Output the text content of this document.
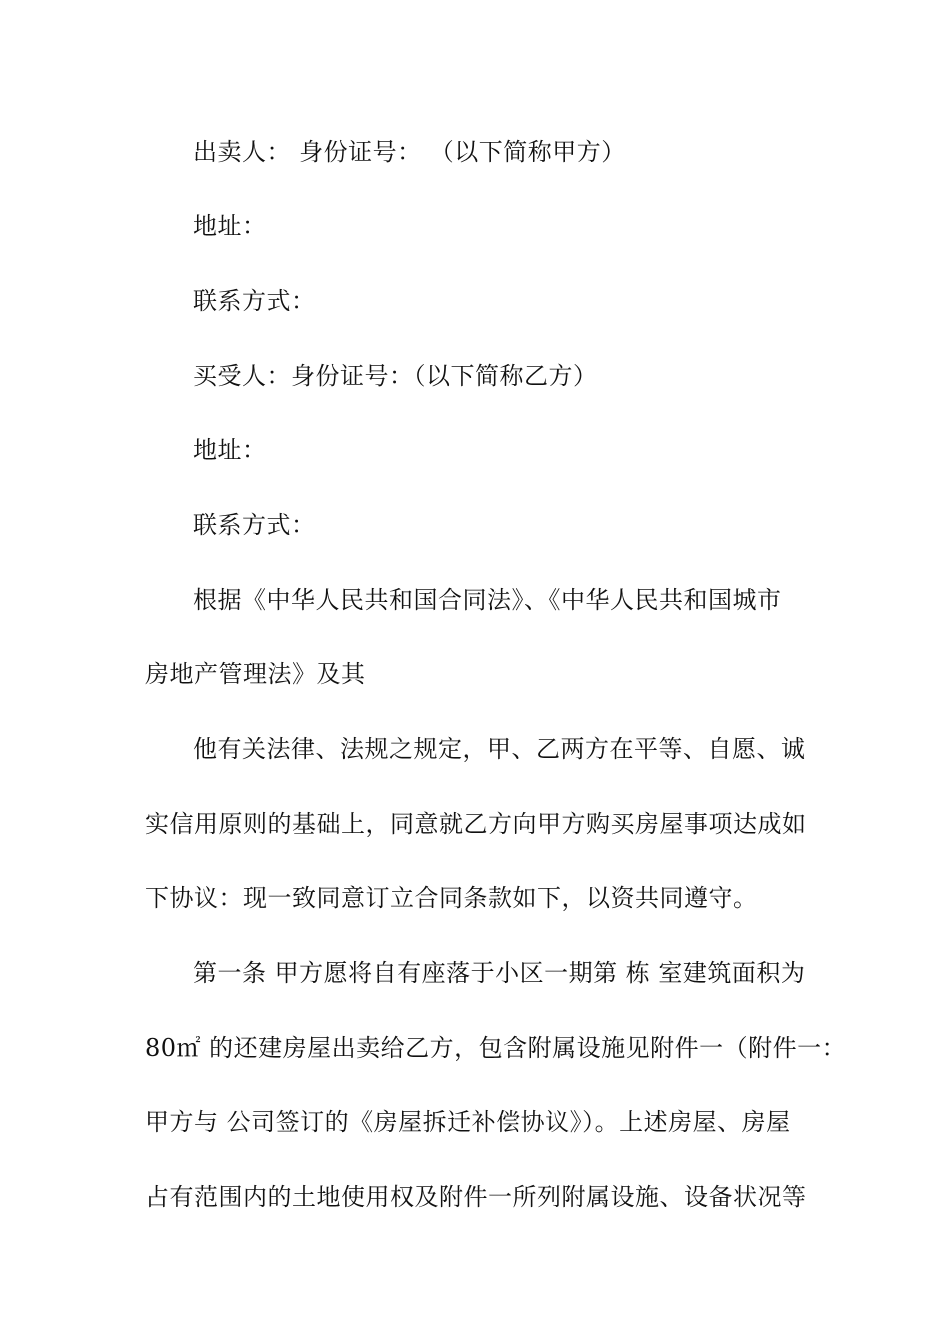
出卖人： 身份证号： （以下简称甲方）
地址：
联系方式：
买受人：身份证号：（以下简称乙方）
地址：
联系方式：
根据《中华人民共和国合同法》、《中华人民共和国城市
房地产管理法》及其
他有关法律、法规之规定，甲、乙两方在平等、自愿、诚
实信用原则的基础上，同意就乙方向甲方购买房屋事项达成如
下协议：现一致同意订立合同条款如下，以资共同遵守。
第一条 甲方愿将自有座落于小区一期第 栋 室建筑面积为
80㎡ 的还建房屋出卖给乙方，包含附属设施见附件一（附件一：
甲方与 公司签订的《房屋拆迁补偿协议》）。上述房屋、房屋
占有范围内的土地使用权及附件一所列附属设施、设备状况等
